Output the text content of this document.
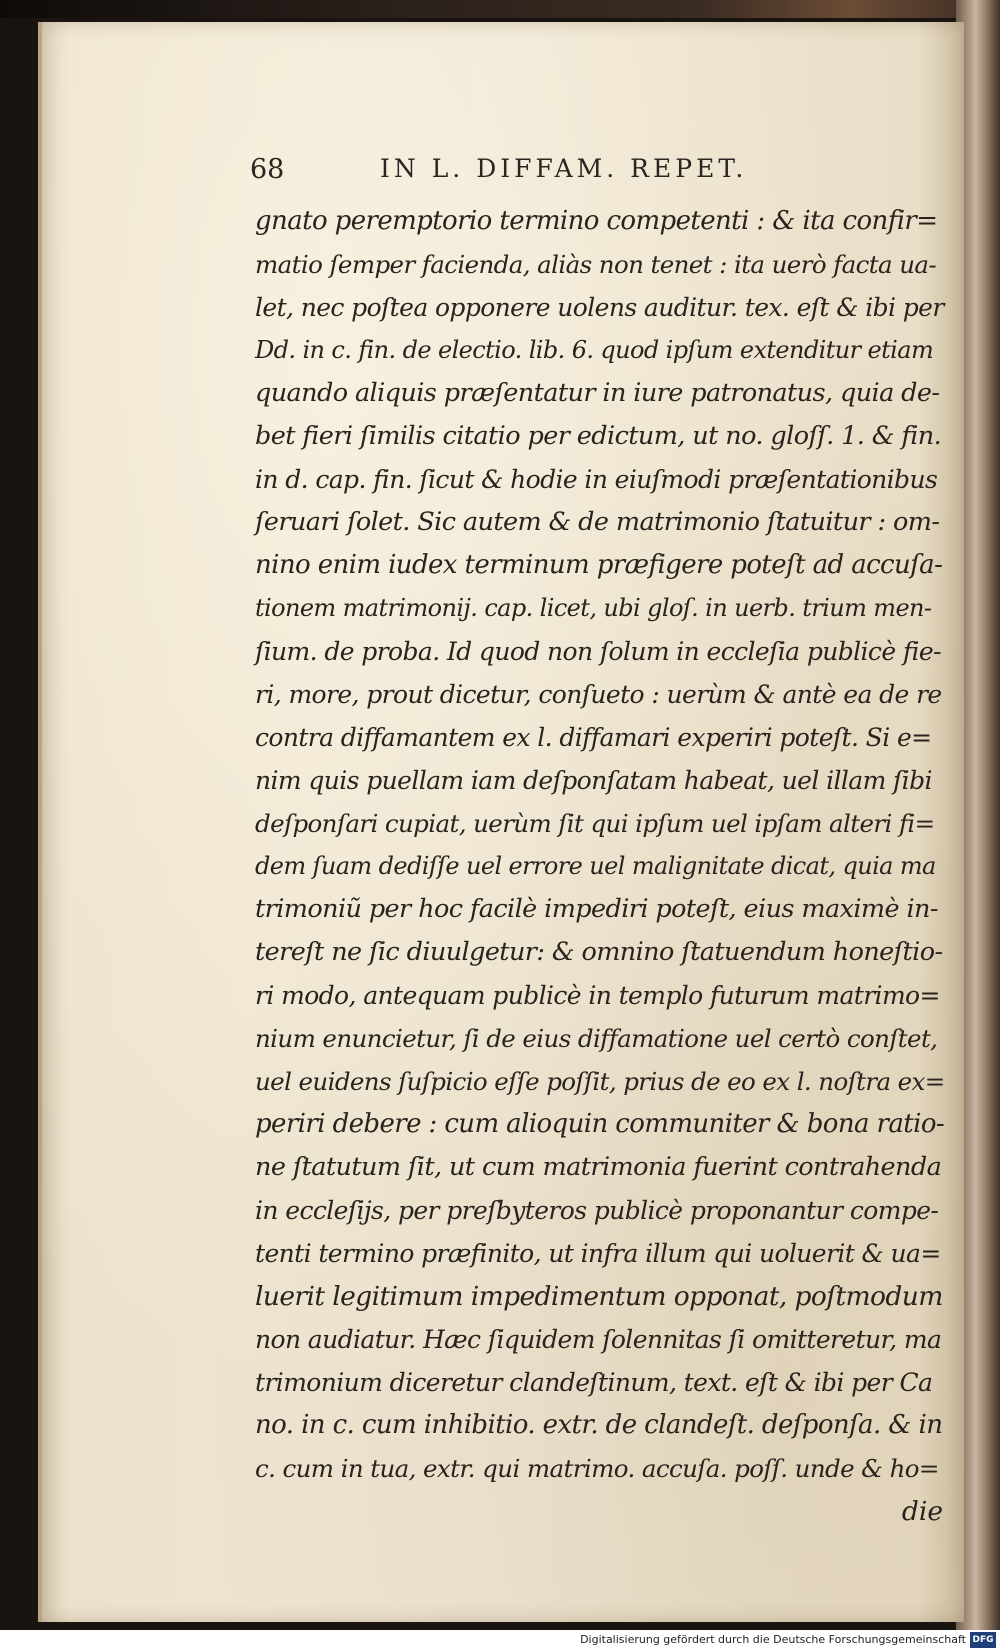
68	IN L. DIFFAM. REPET.
gnato peremptorio termino competenti : & ita confir=
matio ſemper facienda, aliàs non tenet : ita uerò facta ua-
let, nec poſtea opponere uolens auditur. tex. eſt & ibi per
Dd. in c. fin. de electio. lib. 6. quod ipſum extenditur etiam
quando aliquis præſentatur in iure patronatus, quia de-
bet fieri ſimilis citatio per edictum, ut no. gloſſ. 1. & fin.
in d. cap. fin. ſicut & hodie in eiuſmodi præſentationibus
ſeruari ſolet. Sic autem & de matrimonio ſtatuitur : om-
nino enim iudex terminum præfigere poteſt ad accuſa-
tionem matrimonij. cap. licet, ubi gloſ. in uerb. trium men-
ſium. de proba. Id quod non ſolum in eccleſia publicè fie-
ri, more, prout dicetur, conſueto : uerùm & antè ea de re
contra diffamantem ex l. diffamari experiri poteſt. Si e=
nim quis puellam iam deſponſatam habeat, uel illam ſibi
deſponſari cupiat, uerùm ſit qui ipſum uel ipſam alteri fi=
dem ſuam dediſſe uel errore uel malignitate dicat, quia ma
trimoniũ per hoc facilè impediri poteſt, eius maximè in-
tereſt ne ſic diuulgetur: & omnino ſtatuendum honeſtio-
ri modo, antequam publicè in templo futurum matrimo=
nium enuncietur, ſi de eius diffamatione uel certò conſtet,
uel euidens ſuſpicio eſſe poſſit, prius de eo ex l. noſtra ex=
periri debere : cum alioquin communiter & bona ratio-
ne ſtatutum ſit, ut cum matrimonia fuerint contrahenda
in eccleſijs, per preſbyteros publicè proponantur compe-
tenti termino præfinito, ut infra illum qui uoluerit & ua=
luerit legitimum impedimentum opponat, poſtmodum
non audiatur. Hæc ſiquidem ſolennitas ſi omitteretur, ma
trimonium diceretur clandeſtinum, text. eſt & ibi per Ca
no. in c. cum inhibitio. extr. de clandeſt. deſponſa. & in
c. cum in tua, extr. qui matrimo. accuſa. poſſ. unde & ho=
die
Digitalisierung gefördert durch die Deutsche Forschungsgemeinschaft DFG
